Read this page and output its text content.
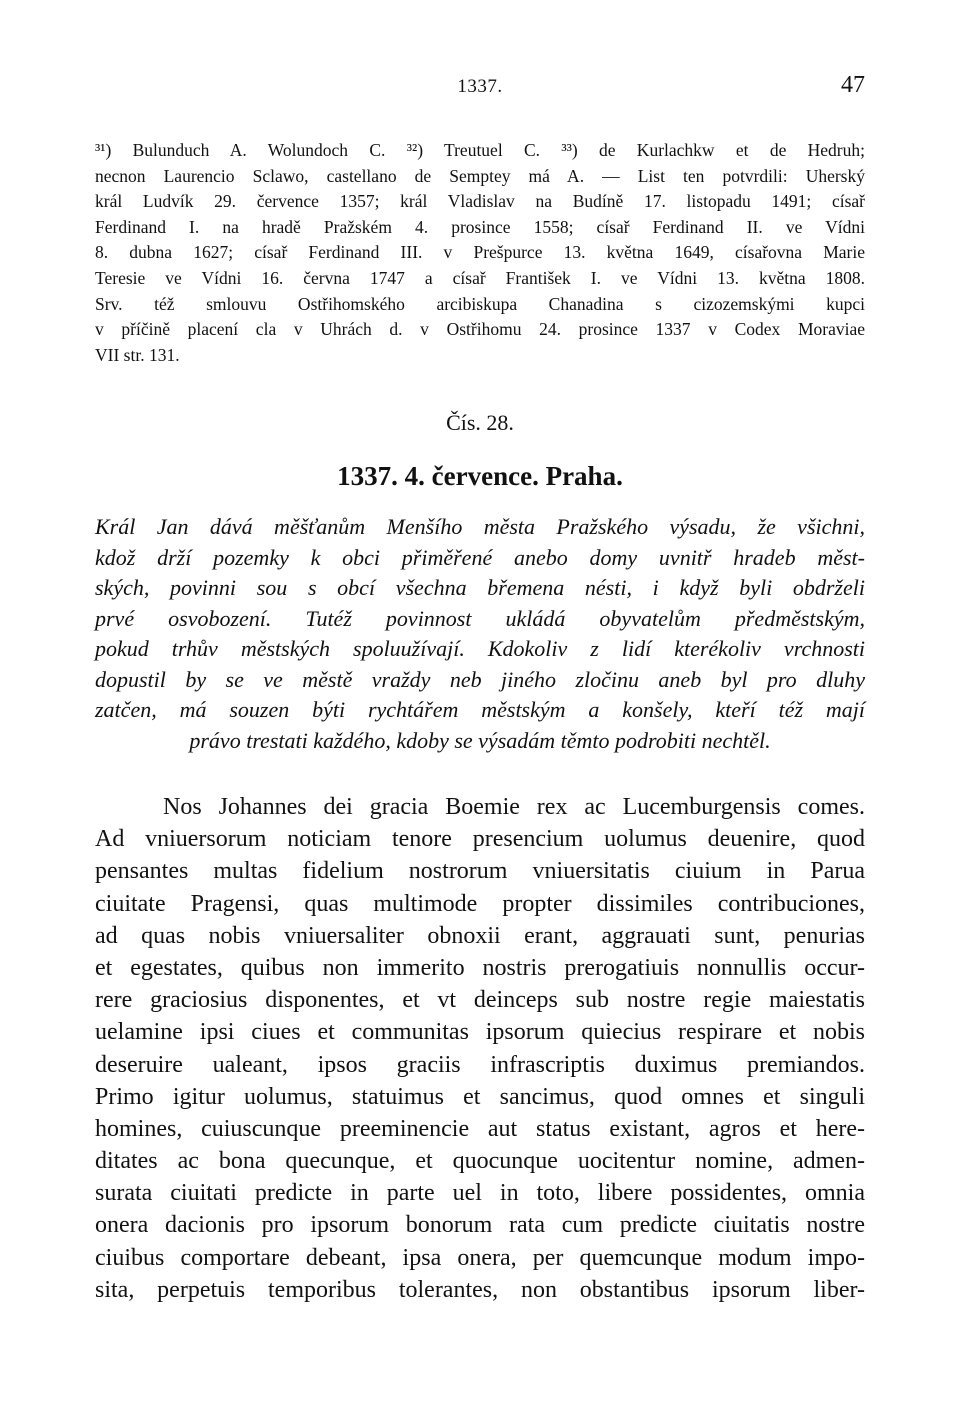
1337.	47
³¹) Bulunduch A. Wolundoch C. ³²) Treutuel C. ³³) de Kurlachkw et de Hedruh;
necnon Laurencio Sclawo, castellano de Semptey má A. — List ten potvrdili: Uherský
král Ludvík 29. července 1357; král Vladislav na Budíně 17. listopadu 1491; císař
Ferdinand I. na hradě Pražském 4. prosince 1558; císař Ferdinand II. ve Vídni
8. dubna 1627; císař Ferdinand III. v Prešpurce 13. května 1649, císařovna Marie
Teresie ve Vídni 16. června 1747 a císař František I. ve Vídni 13. května 1808.
Srv. též smlouvu Ostřihomského arcibiskupa Chanadina s cizozemskými kupci
v příčině placení cla v Uhrách d. v Ostřihomu 24. prosince 1337 v Codex Moraviae
VII str. 131.
Čís. 28.
1337. 4. července. Praha.
Král Jan dává měšťanům Menšího města Pražského výsadu, že všichni,
kdož drží pozemky k obci přiměřené anebo domy uvnitř hradeb měst-
ských, povinni sou s obcí všechna břemena nésti, i když byli obdrželi
prvé osvobození. Tutéž povinnost ukládá obyvatelům předměstským,
pokud trhův městských spoluužívají. Kdokoliv z lidí kterékoliv vrchnosti
dopustil by se ve městě vraždy neb jiného zločinu aneb byl pro dluhy
zatčen, má souzen býti rychtářem městským a konšely, kteří též mají
právo trestati každého, kdoby se výsadám těmto podrobiti nechtěl.
Nos Johannes dei gracia Boemie rex ac Lucemburgensis comes.
Ad vniuersorum noticiam tenore presencium uolumus deuenire, quod
pensantes multas fidelium nostrorum vniuersitatis ciuium in Parua
ciuitate Pragensi, quas multimode propter dissimiles contribuciones,
ad quas nobis vniuersaliter obnoxii erant, aggrauati sunt, penurias
et egestates, quibus non immerito nostris prerogatiuis nonnullis occur-
rere graciosius disponentes, et vt deinceps sub nostre regie maiestatis
uelamine ipsi ciues et communitas ipsorum quiecius respirare et nobis
deseruire ualeant, ipsos graciis infrascriptis duximus premiandos.
Primo igitur uolumus, statuimus et sancimus, quod omnes et singuli
homines, cuiuscunque preeminencie aut status existant, agros et here-
ditates ac bona quecunque, et quocunque uocitentur nomine, admen-
surata ciuitati predicte in parte uel in toto, libere possidentes, omnia
onera dacionis pro ipsorum bonorum rata cum predicte ciuitatis nostre
ciuibus comportare debeant, ipsa onera, per quemcunque modum impo-
sita, perpetuis temporibus tolerantes, non obstantibus ipsorum liber-
